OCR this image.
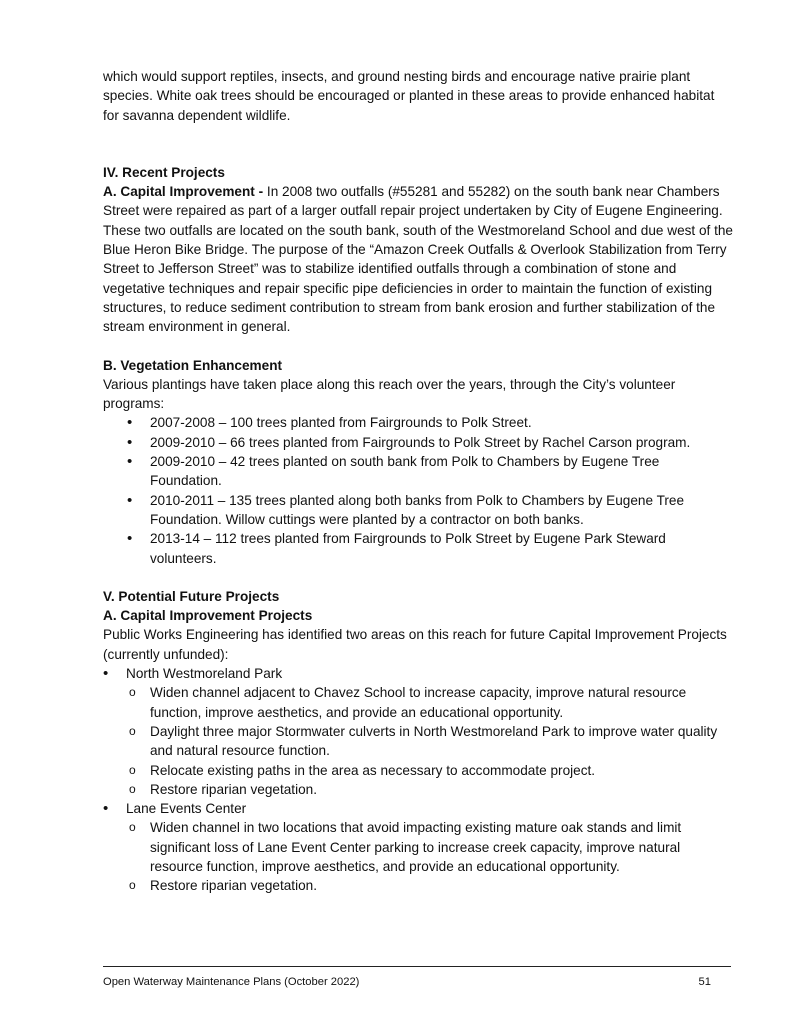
which would support reptiles, insects, and ground nesting birds and encourage native prairie plant species. White oak trees should be encouraged or planted in these areas to provide enhanced habitat for savanna dependent wildlife.

IV. Recent Projects

A. Capital Improvement - In 2008 two outfalls (#55281 and 55282) on the south bank near Chambers Street were repaired as part of a larger outfall repair project undertaken by City of Eugene Engineering. These two outfalls are located on the south bank, south of the Westmoreland School and due west of the Blue Heron Bike Bridge. The purpose of the “Amazon Creek Outfalls & Overlook Stabilization from Terry Street to Jefferson Street” was to stabilize identified outfalls through a combination of stone and vegetative techniques and repair specific pipe deficiencies in order to maintain the function of existing structures, to reduce sediment contribution to stream from bank erosion and further stabilization of the stream environment in general.

B. Vegetation Enhancement

Various plantings have taken place along this reach over the years, through the City’s volunteer programs:

• 2007-2008 – 100 trees planted from Fairgrounds to Polk Street.
• 2009-2010 – 66 trees planted from Fairgrounds to Polk Street by Rachel Carson program.
• 2009-2010 – 42 trees planted on south bank from Polk to Chambers by Eugene Tree Foundation.
• 2010-2011 – 135 trees planted along both banks from Polk to Chambers by Eugene Tree Foundation. Willow cuttings were planted by a contractor on both banks.
• 2013-14 – 112 trees planted from Fairgrounds to Polk Street by Eugene Park Steward volunteers.

V. Potential Future Projects

A. Capital Improvement Projects

Public Works Engineering has identified two areas on this reach for future Capital Improvement Projects (currently unfunded):

• North Westmoreland Park
o Widen channel adjacent to Chavez School to increase capacity, improve natural resource function, improve aesthetics, and provide an educational opportunity.
o Daylight three major Stormwater culverts in North Westmoreland Park to improve water quality and natural resource function.
o Relocate existing paths in the area as necessary to accommodate project.
o Restore riparian vegetation.
• Lane Events Center
o Widen channel in two locations that avoid impacting existing mature oak stands and limit significant loss of Lane Event Center parking to increase creek capacity, improve natural resource function, improve aesthetics, and provide an educational opportunity.
o Restore riparian vegetation.
Open Waterway Maintenance Plans (October 2022)	51
